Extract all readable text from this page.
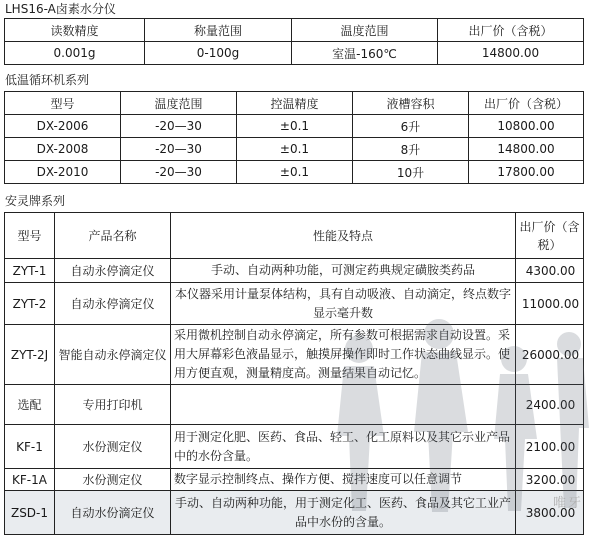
LHS16-A卤素水分仪
读数精度	称量范围	温度范围	出厂价（含税）
0.001g	0-100g	室温-160℃	14800.00
低温循环机系列
型号	温度范围	控温精度	液槽容积	出厂价（含税）
DX-2006	-20—30	±0.1	6升	10800.00
DX-2008	-20—30	±0.1	8升	14800.00
DX-2010	-20—30	±0.1	10升	17800.00
安灵牌系列
型号	产品名称	性能及特点	出厂价（含税）
ZYT-1	自动永停滴定仪	手动、自动两种功能，可测定药典规定磺胺类药品	4300.00
ZYT-2	自动永停滴定仪	本仪器采用计量泵体结构，具有自动吸液、自动滴定，终点数字显示毫升数	11000.00
ZYT-2J	智能自动永停滴定仪	采用微机控制自动永停滴定，所有参数可根据需求自动设置。采用大屏幕彩色液晶显示，触摸屏操作即时工作状态曲线显示。使用方便直观，测量精度高。测量结果自动记忆。	26000.00
选配	专用打印机		2400.00
KF-1	水份测定仪	用于测定化肥、医药、食品、轻工、化工原料以及其它示业产品中的水份含量。	2100.00
KF-1A	水份测定仪	数字显示控制终点、操作方便、搅拌速度可以任意调节	3200.00
ZSD-1	自动水份滴定仪	手动、自动两种功能，用于测定化工、医药、食品及其它工业产品中水份的含量。	3800.00
唯牙
